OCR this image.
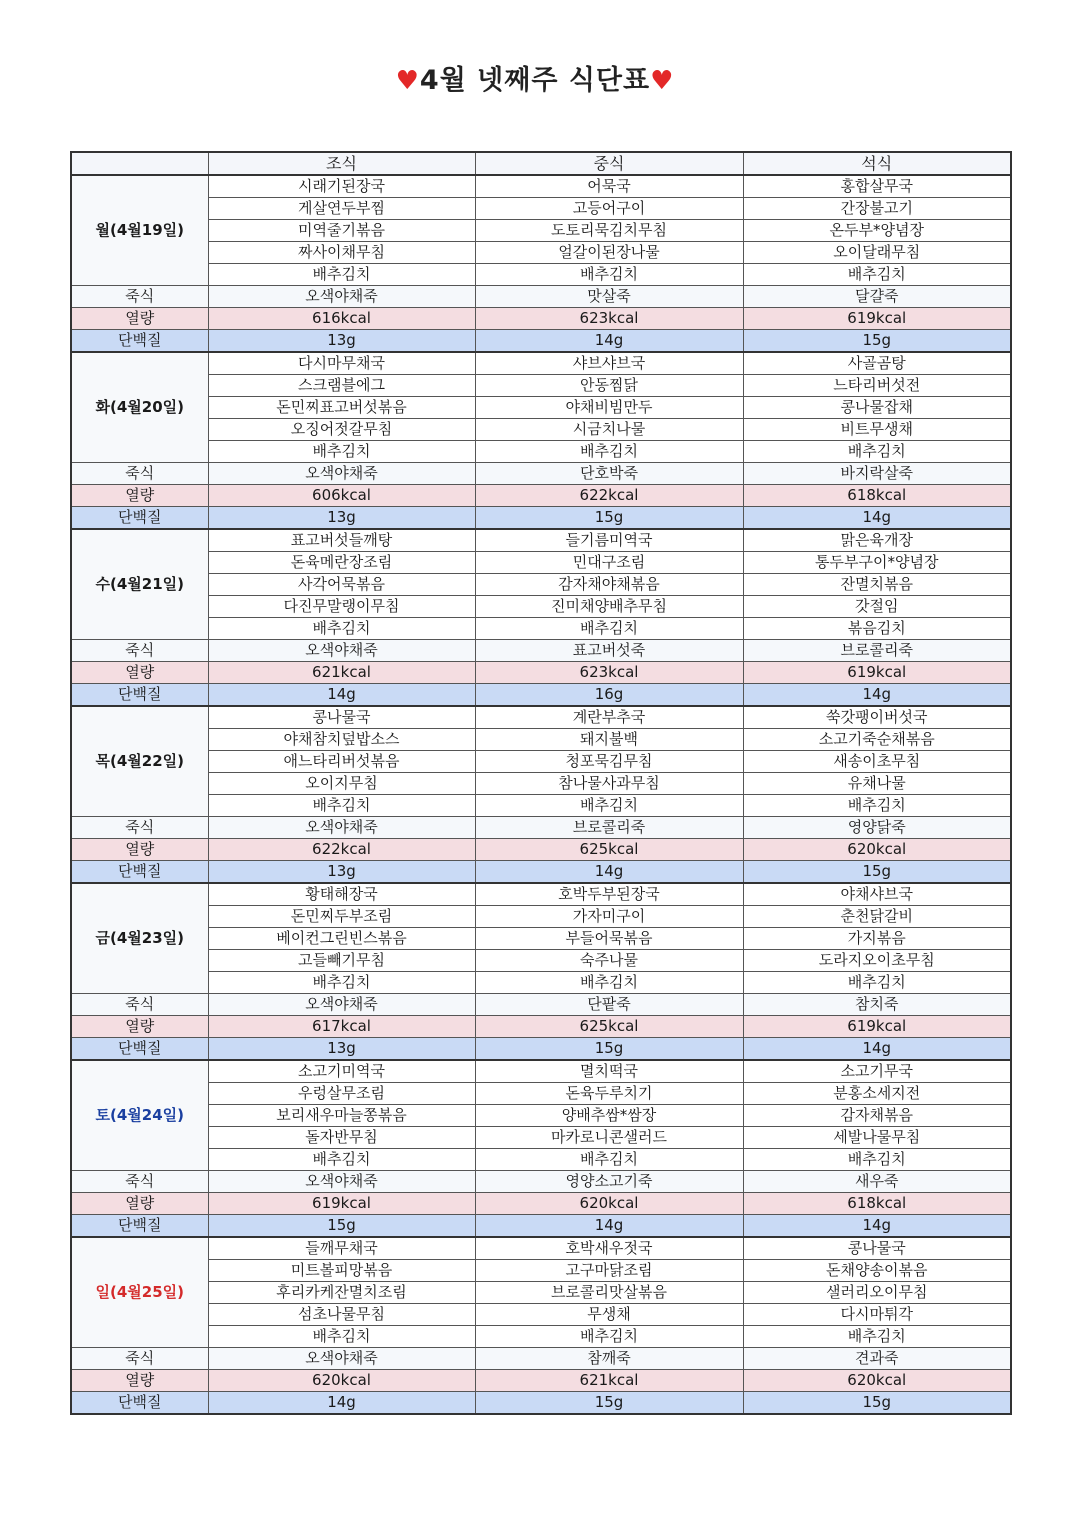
♥4월 넷째주 식단표♥
	조식	중식	석식
월(4월19일)	시래기된장국	어묵국	홍합살무국
	게살연두부찜	고등어구이	간장불고기
	미역줄기볶음	도토리묵김치무침	온두부*양념장
	짜사이채무침	얼갈이된장나물	오이달래무침
	배추김치	배추김치	배추김치
죽식	오색야채죽	맛살죽	달걀죽
열량	616kcal	623kcal	619kcal
단백질	13g	14g	15g
화(4월20일)	다시마무채국	샤브샤브국	사골곰탕
	스크램블에그	안동찜닭	느타리버섯전
	돈민찌표고버섯볶음	야채비빔만두	콩나물잡채
	오징어젓갈무침	시금치나물	비트무생채
	배추김치	배추김치	배추김치
죽식	오색야채죽	단호박죽	바지락살죽
열량	606kcal	622kcal	618kcal
단백질	13g	15g	14g
수(4월21일)	표고버섯들깨탕	들기름미역국	맑은육개장
	돈육메란장조림	민대구조림	통두부구이*양념장
	사각어묵볶음	감자채야채볶음	잔멸치볶음
	다진무말랭이무침	진미채양배추무침	갓절임
	배추김치	배추김치	볶음김치
죽식	오색야채죽	표고버섯죽	브로콜리죽
열량	621kcal	623kcal	619kcal
단백질	14g	16g	14g
목(4월22일)	콩나물국	계란부추국	쑥갓팽이버섯국
	야채참치덮밥소스	돼지불백	소고기죽순채볶음
	애느타리버섯볶음	청포묵김무침	새송이초무침
	오이지무침	참나물사과무침	유채나물
	배추김치	배추김치	배추김치
죽식	오색야채죽	브로콜리죽	영양닭죽
열량	622kcal	625kcal	620kcal
단백질	13g	14g	15g
금(4월23일)	황태해장국	호박두부된장국	야채샤브국
	돈민찌두부조림	가자미구이	춘천닭갈비
	베이컨그린빈스볶음	부들어묵볶음	가지볶음
	고들빼기무침	숙주나물	도라지오이초무침
	배추김치	배추김치	배추김치
죽식	오색야채죽	단팥죽	참치죽
열량	617kcal	625kcal	619kcal
단백질	13g	15g	14g
토(4월24일)	소고기미역국	멸치떡국	소고기무국
	우렁살무조림	돈육두루치기	분홍소세지전
	보리새우마늘쫑볶음	양배추쌈*쌈장	감자채볶음
	돌자반무침	마카로니콘샐러드	세발나물무침
	배추김치	배추김치	배추김치
죽식	오색야채죽	영양소고기죽	새우죽
열량	619kcal	620kcal	618kcal
단백질	15g	14g	14g
일(4월25일)	들깨무채국	호박새우젓국	콩나물국
	미트볼피망볶음	고구마닭조림	돈채양송이볶음
	후리카케잔멸치조림	브로콜리맛살볶음	샐러리오이무침
	섬초나물무침	무생채	다시마튀각
	배추김치	배추김치	배추김치
죽식	오색야채죽	참깨죽	견과죽
열량	620kcal	621kcal	620kcal
단백질	14g	15g	15g
